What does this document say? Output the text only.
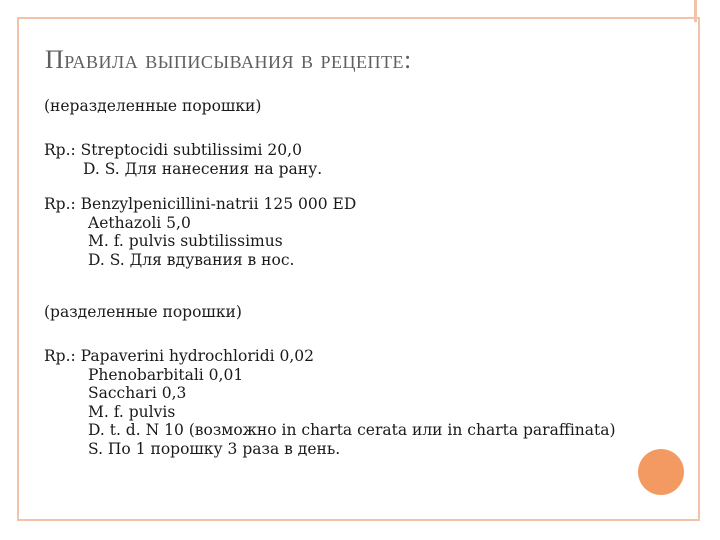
Правила выписывания в рецепте:
(неразделенные порошки)
Rp.: Streptocidi subtilissimi 20,0
D. S. Для нанесения на рану.
Rp.: Benzylpenicillini-natrii 125 000 ED
Aethazoli 5,0
M. f. pulvis subtilissimus
D. S. Для вдувания в нос.
(разделенные порошки)
Rp.: Papaverini hydrochloridi 0,02
Phenobarbitali 0,01
Sacchari 0,3
M. f. pulvis
D. t. d. N 10 (возможно in charta cerata или in charta paraffinata)
S. По 1 порошку 3 раза в день.
